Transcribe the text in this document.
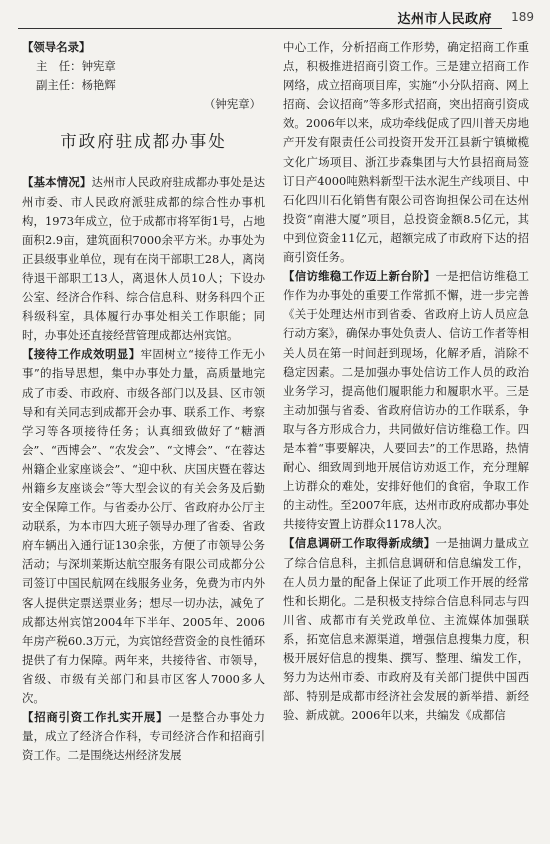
达州市人民政府 189
【领导名录】
主　任：钟宪章
副主任：杨艳辉
（钟宪章）
市政府驻成都办事处

【基本情况】达州市人民政府驻成都办事处是达州市委、市人民政府派驻成都的综合性办事机构，1973年成立，位于成都市将军街1号，占地面积2.9亩，建筑面积7000余平方米。办事处为正县级事业单位，现有在岗干部职工28人，离岗待退干部职工13人，离退休人员10人；下设办公室、经济合作科、综合信息科、财务科四个正科级科室，具体履行办事处相关工作职能；同时，办事处还直接经营管理成都达州宾馆。

【接待工作成效明显】牢固树立“接待工作无小事”的指导思想，集中办事处力量，高质量地完成了市委、市政府、市级各部门以及县、区市领导和有关同志到成都开会办事、联系工作、考察学习等各项接待任务；认真细致做好了“糖酒会”、“西博会”、“农发会”、“文博会”、“在蓉达州籍企业家座谈会”、“迎中秋、庆国庆暨在蓉达州籍乡友座谈会”等大型会议的有关会务及后勤安全保障工作。与省委办公厅、省政府办公厅主动联系，为本市四大班子领导办理了省委、省政府车辆出入通行证130余张，方便了市领导公务活动；与深圳莱斯达航空服务有限公司成都分公司签订中国民航网在线服务业务，免费为市内外客人提供定票送票业务；想尽一切办法，减免了成都达州宾馆2004年下半年、2005年、2006年房产税60.3万元，为宾馆经营资金的良性循环提供了有力保障。两年来，共接待省、市领导，省级、市级有关部门和县市区客人7000多人次。

【招商引资工作扎实开展】一是整合办事处力量，成立了经济合作科，专司经济合作和招商引资工作。二是围绕达州经济发展

中心工作，分析招商工作形势，确定招商工作重点，积极推进招商引资工作。三是建立招商工作网络，成立招商项目库，实施“小分队招商、网上招商、会议招商”等多形式招商，突出招商引资成效。2006年以来，成功牵线促成了四川普天房地产开发有限责任公司投资开发开江县新宁镇橄榄文化广场项目、浙江步森集团与大竹县招商局签订日产4000吨熟料新型干法水泥生产线项目、中石化四川石化销售有限公司咨询担保公司在达州投资“南港大厦”项目，总投资金额8.5亿元，其中到位资金11亿元，超额完成了市政府下达的招商引资任务。

【信访维稳工作迈上新台阶】一是把信访维稳工作作为办事处的重要工作常抓不懈，进一步完善《关于处理达州市到省委、省政府上访人员应急行动方案》，确保办事处负责人、信访工作者等相关人员在第一时间赶到现场，化解矛盾，消除不稳定因素。二是加强办事处信访工作人员的政治业务学习，提高他们履职能力和履职水平。三是主动加强与省委、省政府信访办的工作联系，争取与各方形成合力，共同做好信访维稳工作。四是本着“事要解决，人要回去”的工作思路，热情耐心、细致周到地开展信访劝返工作，充分理解上访群众的难处，安排好他们的食宿，争取工作的主动性。至2007年底，达州市政府成都办事处共接待安置上访群众1178人次。

【信息调研工作取得新成绩】一是抽调力量成立了综合信息科，主抓信息调研和信息编发工作，在人员力量的配备上保证了此项工作开展的经常性和长期化。二是积极支持综合信息科同志与四川省、成都市有关党政单位、主流媒体加强联系，拓宽信息来源渠道，增强信息搜集力度，积极开展好信息的搜集、撰写、整理、编发工作，努力为达州市委、市政府及有关部门提供中国西部、特别是成都市经济社会发展的新举措、新经验、新成就。2006年以来，共编发《成都信
